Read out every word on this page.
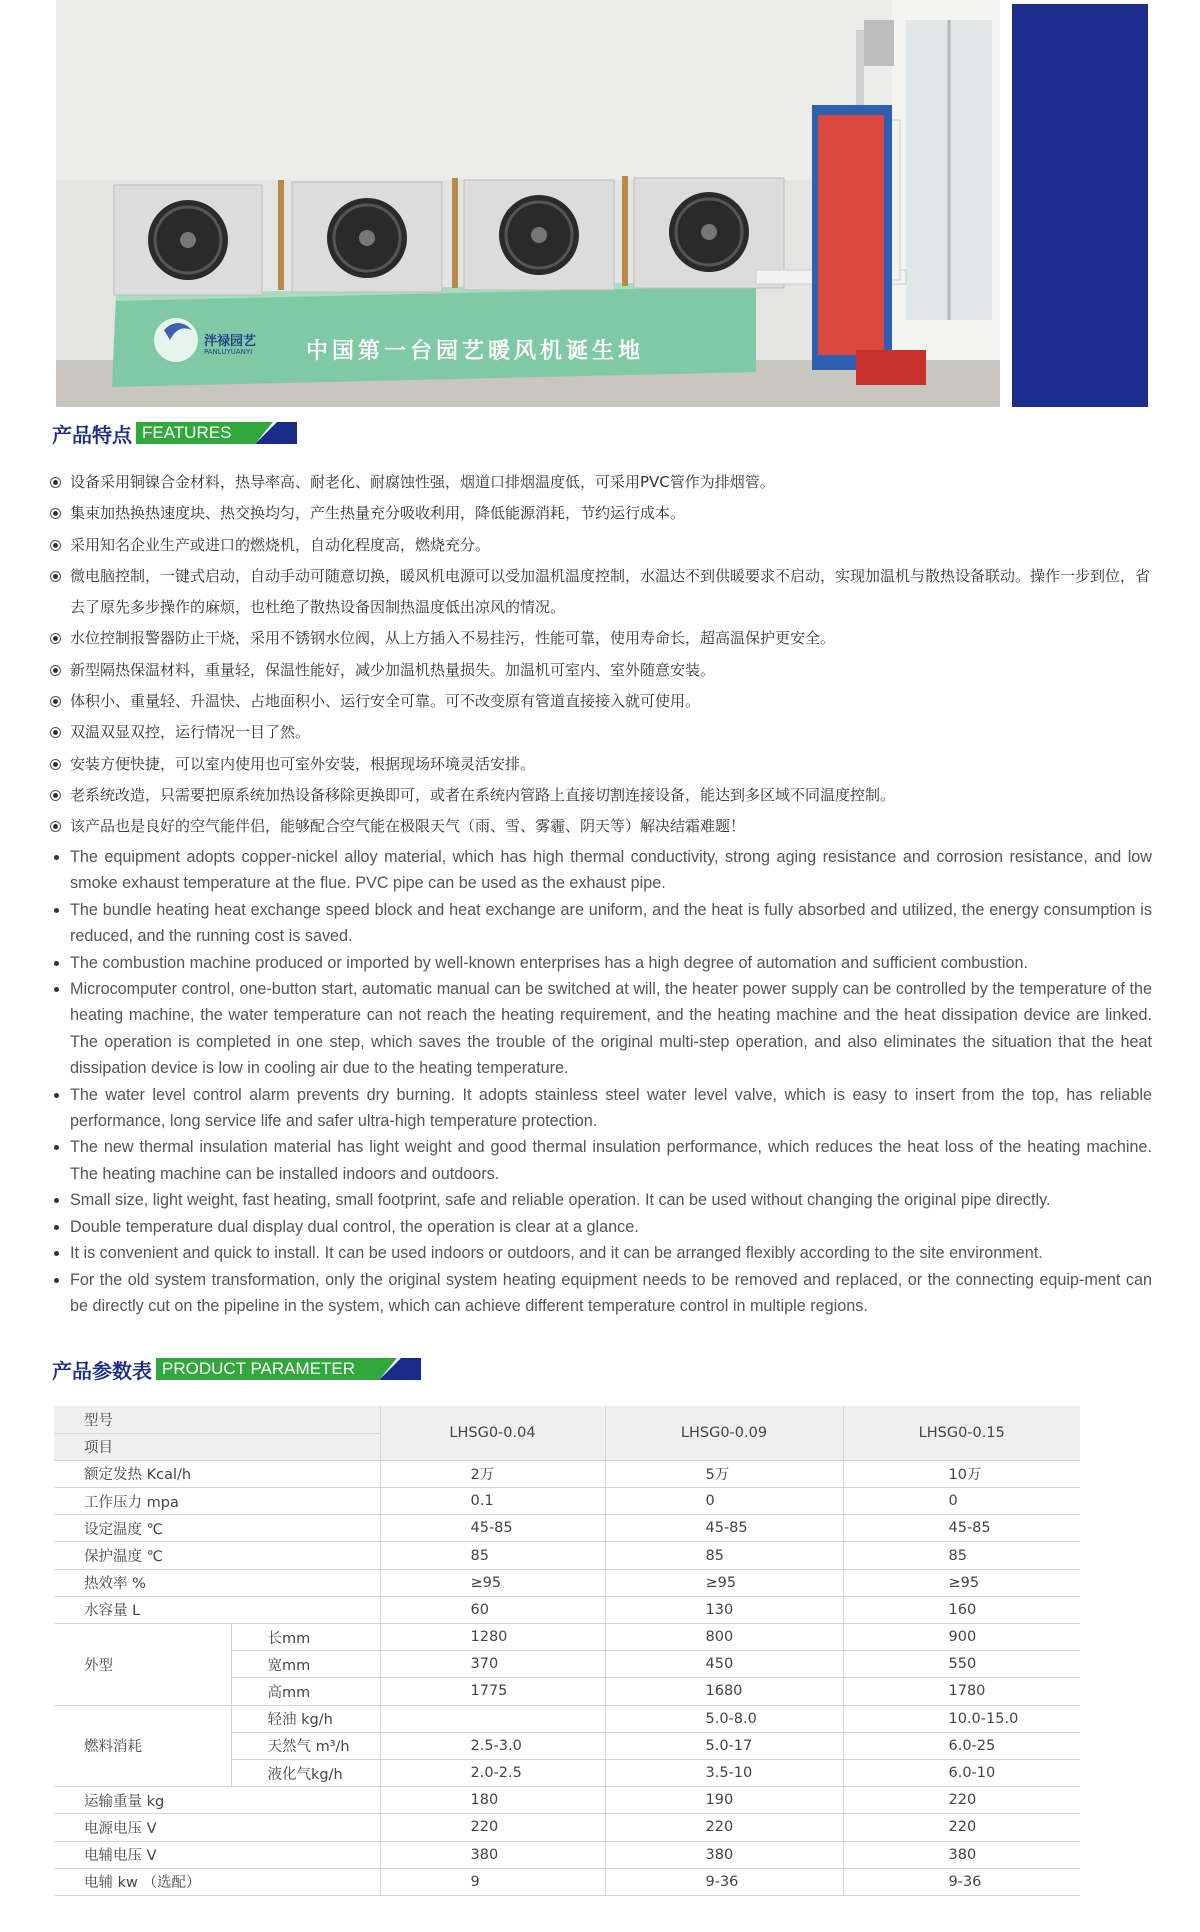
泮禄园艺
PANLUYUANYI 中国第一台园艺暖风机诞生地
产品特点 FEATURES
设备采用铜镍合金材料，热导率高、耐老化、耐腐蚀性强，烟道口排烟温度低，可采用PVC管作为排烟管。
集束加热换热速度块、热交换均匀，产生热量充分吸收利用，降低能源消耗，节约运行成本。
采用知名企业生产或进口的燃烧机，自动化程度高，燃烧充分。
微电脑控制，一键式启动，自动手动可随意切换，暖风机电源可以受加温机温度控制，水温达不到供暖要求不启动，实现加温机与散热设备联动。操作一步到位，省去了原先多步操作的麻烦，也杜绝了散热设备因制热温度低出凉风的情况。
水位控制报警器防止干烧，采用不锈钢水位阀，从上方插入不易挂污，性能可靠，使用寿命长，超高温保护更安全。
新型隔热保温材料，重量轻，保温性能好，减少加温机热量损失。加温机可室内、室外随意安装。
体积小、重量轻、升温快、占地面积小、运行安全可靠。可不改变原有管道直接接入就可使用。
双温双显双控，运行情况一目了然。
安装方便快捷，可以室内使用也可室外安装，根据现场环境灵活安排。
老系统改造，只需要把原系统加热设备移除更换即可，或者在系统内管路上直接切割连接设备，能达到多区域不同温度控制。
该产品也是良好的空气能伴侣，能够配合空气能在极限天气（雨、雪、雾霾、阴天等）解决结霜难题！
The equipment adopts copper-nickel alloy material, which has high thermal conductivity, strong aging resistance and corrosion resistance, and low smoke exhaust temperature at the flue. PVC pipe can be used as the exhaust pipe.
The bundle heating heat exchange speed block and heat exchange are uniform, and the heat is fully absorbed and utilized, the energy consumption is reduced, and the running cost is saved.
The combustion machine produced or imported by well-known enterprises has a high degree of automation and sufficient combustion.
Microcomputer control, one-button start, automatic manual can be switched at will, the heater power supply can be controlled by the temperature of the heating machine, the water temperature can not reach the heating requirement, and the heating machine and the heat dissipation device are linked. The operation is completed in one step, which saves the trouble of the original multi-step operation, and also eliminates the situation that the heat dissipation device is low in cooling air due to the heating temperature.
The water level control alarm prevents dry burning. It adopts stainless steel water level valve, which is easy to insert from the top, has reliable performance, long service life and safer ultra-high temperature protection.
The new thermal insulation material has light weight and good thermal insulation performance, which reduces the heat loss of the heating machine. The heating machine can be installed indoors and outdoors.
Small size, light weight, fast heating, small footprint, safe and reliable operation. It can be used without changing the original pipe directly.
Double temperature dual display dual control, the operation is clear at a glance.
It is convenient and quick to install. It can be used indoors or outdoors, and it can be arranged flexibly according to the site environment.
For the old system transformation, only the original system heating equipment needs to be removed and replaced, or the connecting equip-ment can be directly cut on the pipeline in the system, which can achieve different temperature control in multiple regions.
产品参数表 PRODUCT PARAMETER
型号		LHSG0-0.04	LHSG0-0.09	LHSG0-0.15
项目				
额定发热 Kcal/h		2万	5万	10万
工作压力 mpa		0.1	0	0
设定温度 ℃		45-85	45-85	45-85
保护温度 ℃		85	85	85
热效率 %		≥95	≥95	≥95
水容量 L		60	130	160
外型	长mm	1280	800	900
	宽mm	370	450	550
	高mm	1775	1680	1780
燃料消耗	轻油 kg/h		5.0-8.0	10.0-15.0
	天然气 m³/h	2.5-3.0	5.0-17	6.0-25
	液化气kg/h	2.0-2.5	3.5-10	6.0-10
运输重量 kg		180	190	220
电源电压 V		220	220	220
电辅电压 V		380	380	380
电辅 kw （选配）		9	9-36	9-36
